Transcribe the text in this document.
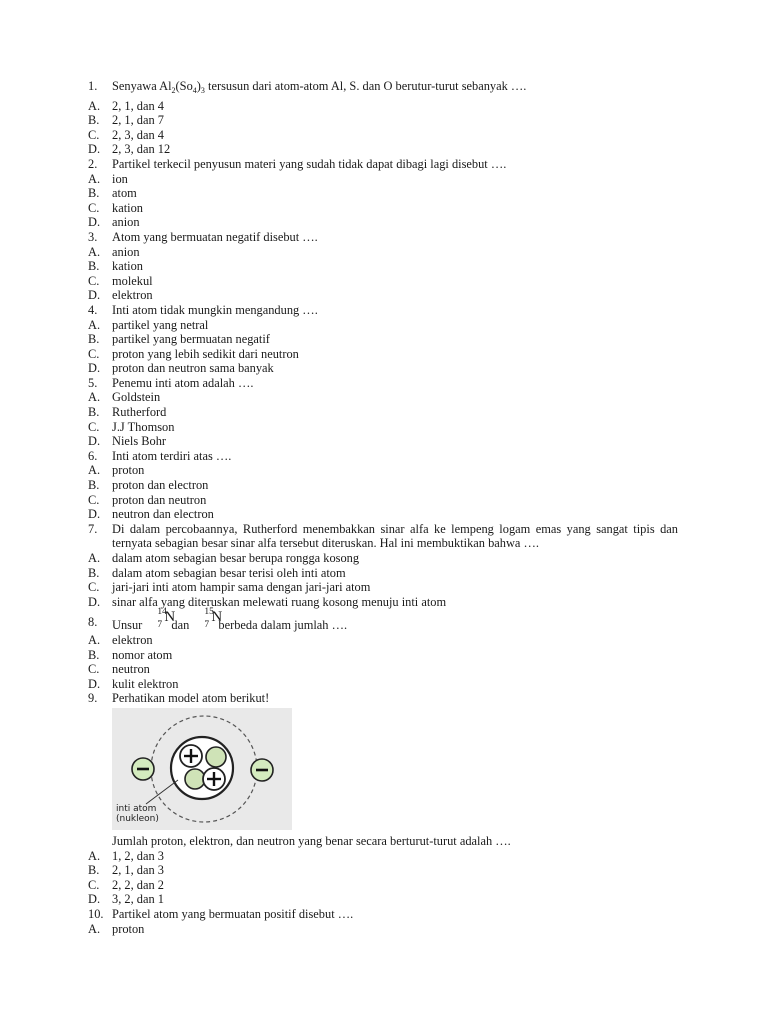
1.	Senyawa $Al_2(So_4)_3$ tersusun dari atom-atom Al, S. dan O berutur-turut sebanyak ….
A. 2, 1, dan 4
B.	2, 1, dan 7
C.	2, 3, dan 4
D. 2, 3, dan 12
2.	Partikel terkecil penyusun materi yang sudah tidak dapat dibagi lagi disebut ….
A. ion
B.	atom
C.	kation
D. anion
3.	Atom yang bermuatan negatif disebut ….
A. anion
B.	kation
C.	molekul
D. elektron
4.	Inti atom tidak mungkin mengandung ….
A. partikel yang netral
B.	partikel yang bermuatan negatif
C.	proton yang lebih sedikit dari neutron
D. proton dan neutron sama banyak
5.	Penemu inti atom adalah ….
A. Goldstein
B.	Rutherford
C.	J.J Thomson
D. Niels Bohr
6.	Inti atom terdiri atas ….
A. proton
B.	proton dan electron
C.	proton dan neutron
D. neutron dan electron
7.	Di dalam percobaannya, Rutherford menembakkan sinar alfa ke lempeng logam emas yang sangat tipis dan ternyata sebagian besar sinar alfa tersebut diteruskan. Hal ini membuktikan bahwa ….
A. dalam atom sebagian besar berupa rongga kosong
B.	dalam atom sebagian besar terisi oleh inti atom
C.	jari-jari inti atom hampir sama dengan jari-jari atom
D. sinar alfa yang diteruskan melewati ruang kosong menuju inti atom
8.	Unsur
14
7 N
dan
15
7 N
berbeda dalam jumlah ….
A. elektron
B.	nomor atom
C.	neutron
D. kulit elektron
9.	Perhatikan model atom berikut!
inti atom
(nukleon)
Jumlah proton, elektron, dan neutron yang benar secara berturut-turut adalah ….
A. 1, 2, dan 3
B.	2, 1, dan 3
C.	2, 2, dan 2
D. 3, 2, dan 1
10. Partikel atom yang bermuatan positif disebut ….
A. proton
